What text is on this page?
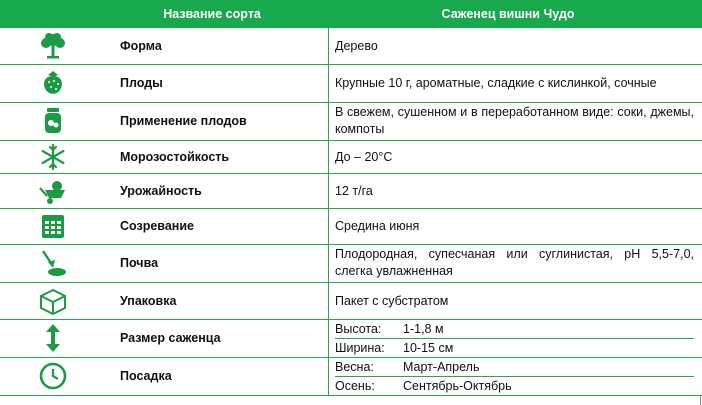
Название сорта	Саженец вишни Чудо
	Форма	Дерево

	Плоды	Крупные 10 г, ароматные, сладкие с кислинкой, сочные

	Применение плодов	В свежем, сушенном и в переработанном виде: соки, джемы, компоты

	Морозостойкость	До – 20°C

	Урожайность	12 т/га

	Созревание	Средина июня

	Почва	Плодородная, супесчаная или суглинистая, pH 5,5-7,0, слегка увлажненная

	Упаковка	Пакет с субстратом

	Размер саженца	Высота: 1-1,8 м
Ширина: 10-15 см

	Посадка	Весна: Март-Апрель
Осень: Сентябрь-Октябрь
